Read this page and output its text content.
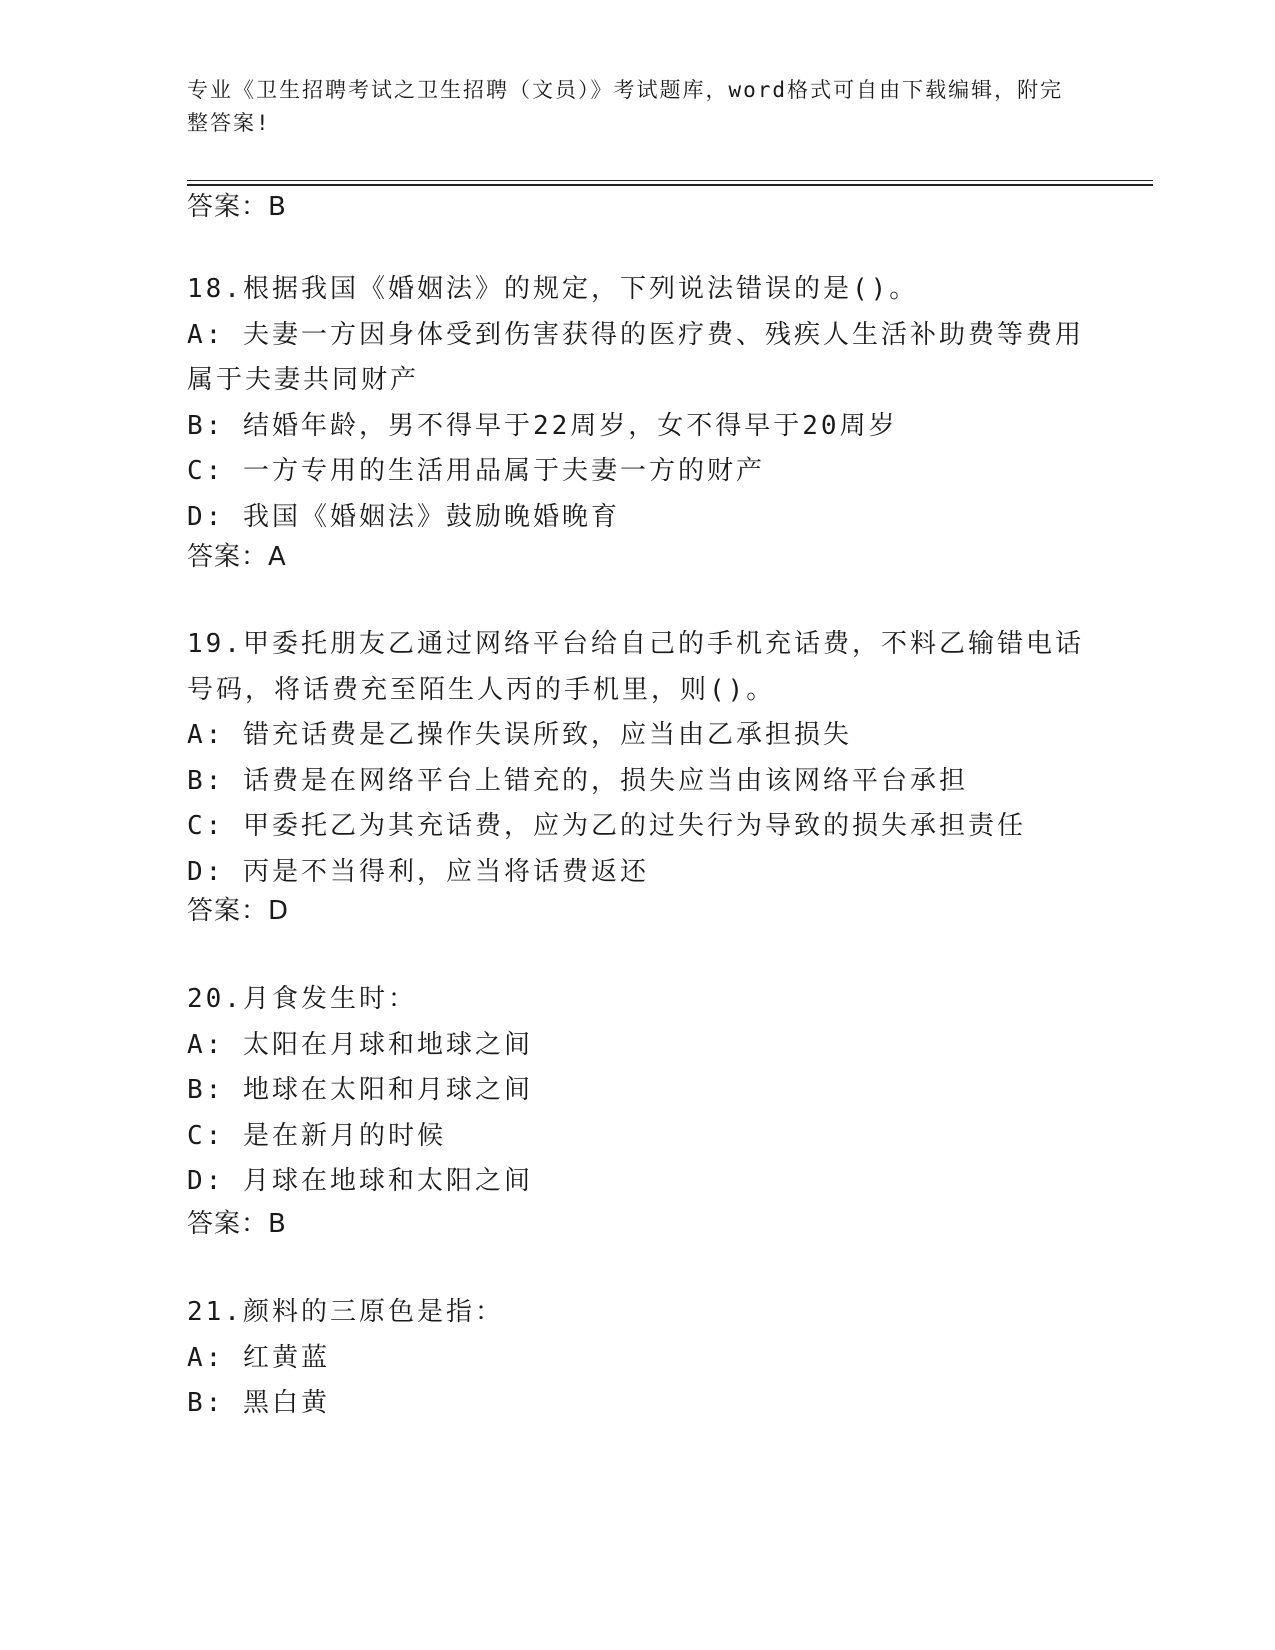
专业《卫生招聘考试之卫生招聘（文员）》考试题库，word格式可自由下载编辑，附完整答案!
答案：B

18.根据我国《婚姻法》的规定，下列说法错误的是()。

A: 夫妻一方因身体受到伤害获得的医疗费、残疾人生活补助费等费用属于夫妻共同财产

B: 结婚年龄，男不得早于22周岁，女不得早于20周岁

C: 一方专用的生活用品属于夫妻一方的财产

D: 我国《婚姻法》鼓励晚婚晚育

答案：A

19.甲委托朋友乙通过网络平台给自己的手机充话费，不料乙输错电话号码，将话费充至陌生人丙的手机里，则()。

A: 错充话费是乙操作失误所致，应当由乙承担损失

B: 话费是在网络平台上错充的，损失应当由该网络平台承担

C: 甲委托乙为其充话费，应为乙的过失行为导致的损失承担责任

D: 丙是不当得利，应当将话费返还

答案：D

20.月食发生时：

A: 太阳在月球和地球之间

B: 地球在太阳和月球之间

C: 是在新月的时候

D: 月球在地球和太阳之间

答案：B

21.颜料的三原色是指：

A: 红黄蓝

B: 黑白黄
